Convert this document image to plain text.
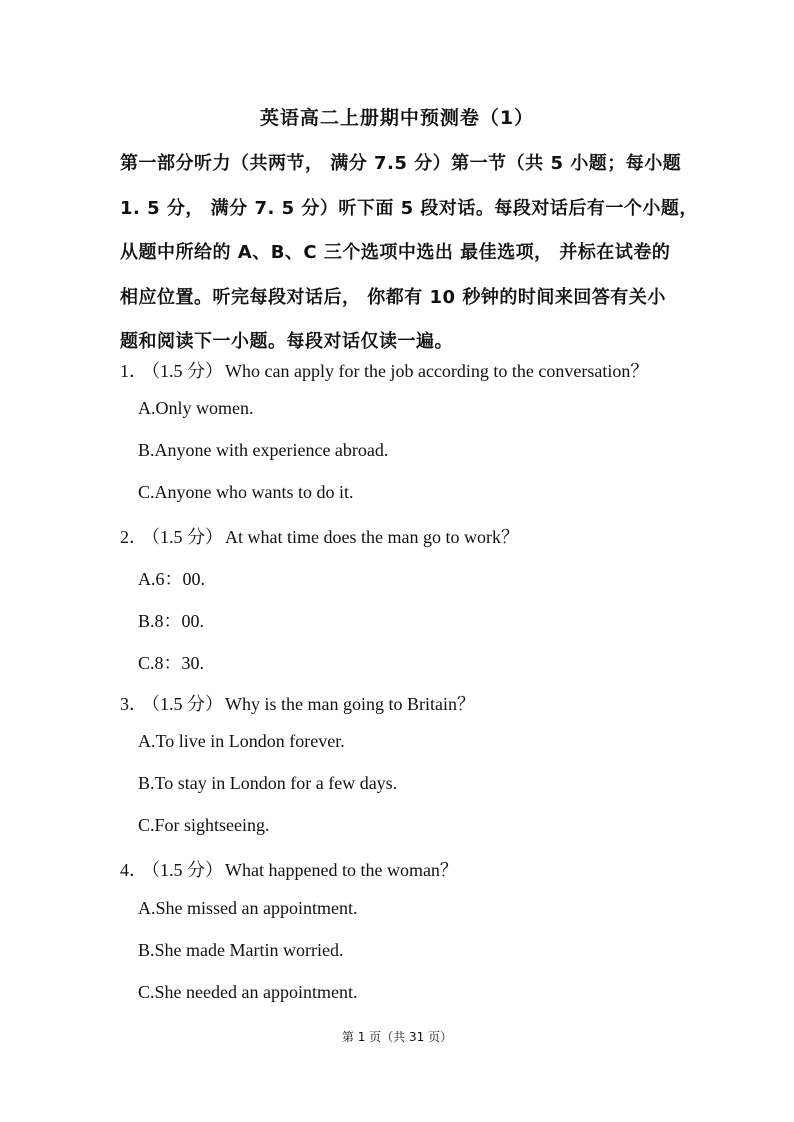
英语高二上册期中预测卷（1）
第一部分听力（共两节， 满分 7.5 分）第一节（共 5 小题；每小题
1. 5 分， 满分 7. 5 分）听下面 5 段对话。每段对话后有一个小题，
从题中所给的 A、B、C 三个选项中选出 最佳选项， 并标在试卷的
相应位置。听完每段对话后， 你都有 10 秒钟的时间来回答有关小
题和阅读下一小题。每段对话仅读一遍。
1． （1.5 分） Who can apply for the job according to the conversation？
A.Only women.
B.Anyone with experience abroad.
C.Anyone who wants to do it.
2． （1.5 分） At what time does the man go to work？
A.6：00.
B.8：00.
C.8：30.
3． （1.5 分） Why is the man going to Britain？
A.To live in London forever.
B.To stay in London for a few days.
C.For sightseeing.
4． （1.5 分） What happened to the woman？
A.She missed an appointment.
B.She made Martin worried.
C.She needed an appointment.
第 1 页（共 31 页）
